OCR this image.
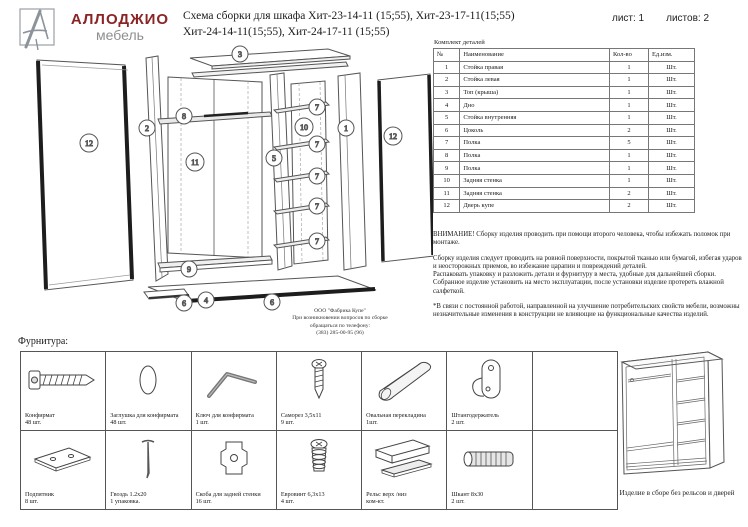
АЛЛОДЖИО
мебель
Схема сборки для шкафа Хит-23-14-11 (15;55), Хит-23-17-11(15;55)
Хит-24-14-11(15;55), Хит-24-17-11 (15;55)
лист: 1 листов: 2
3
12
2
8
11	5
10
7
7
7
7
7
1
12
9
6 4	6
ООО "Фабрика Купе"
При возникновении вопросов по сборке
обращаться по телефону:
(383) 285-00-95 (96)
Комплект деталей
№	Наименование	Кол-во	Ед.изм.
1	Стойка правая	1	Шт.
2	Стойка левая	1	Шт.
3	Топ (крыша)	1	Шт.
4	Дно	1	Шт.
5	Стойка внутренняя	1	Шт.
6	Цоколь	2	Шт.
7	Полка	5	Шт.
8	Полка	1	Шт.
9	Полка	1	Шт.
10	Задняя стенка	1	Шт.
11	Задняя стенка	2	Шт.
12	Дверь купе	2	Шт.

ВНИМАНИЕ! Сборку изделия проводить при помощи второго человека, чтобы избежать поломок при монтаже.

Сборку изделия следует проводить на ровной поверхности, покрытой тканью или бумагой, избегая ударов и неосторожных приемов, во избежание царапин и повреждений деталей.

Распаковать упаковку и разложить детали и фурнитуру в места, удобные для дальнейшей сборки.

Собранное изделие установить на место эксплуатации, после установки изделие протереть влажной салфеткой.

*В связи с постоянной работой, направленной на улучшение потребительских свойств мебели, возможны незначительные изменения в конструкции не влияющие на функциональные качества изделий.

Фурнитура:
Конфирмат
48 шт.
Заглушка для конфирмата
48 шт.
Ключ для конфирмата
1 шт.
Саморез 3,5х11
9 шт.
Овальная перекладина
1шт.
Штангодержатель
2 шт.
Подпятник
8 шт.
Гвоздь 1.2х20
1 упаковка.
Скоба для задней стенки
16 шт.
Евровинт 6,3х13
4 шт.
Рельс верх /низ
ком-кт.
Шкант 8х30
2 шт.
Изделие в сборе без рельсов и дверей
